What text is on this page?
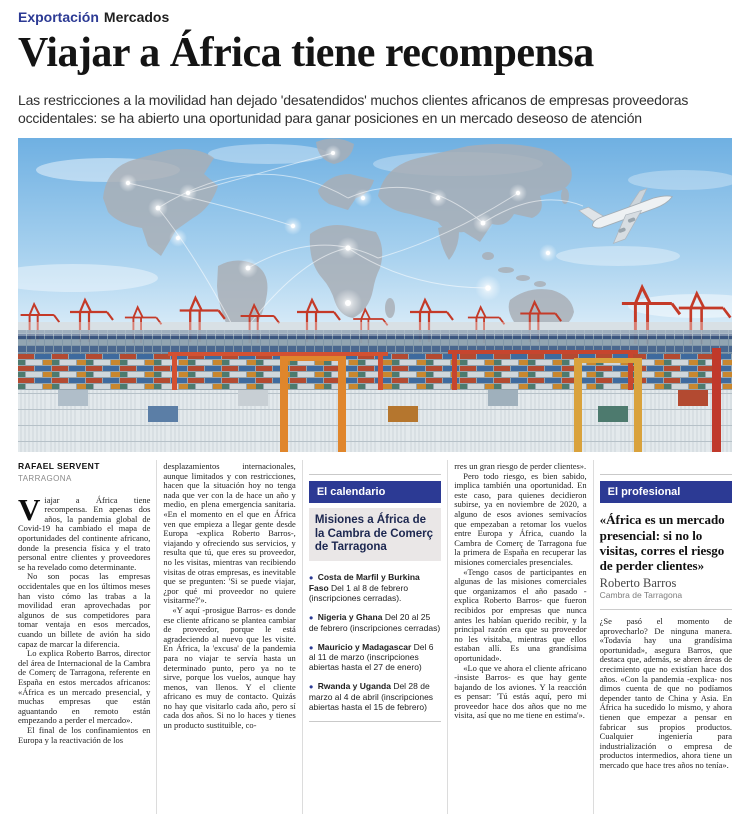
Exportación Mercados
Viajar a África tiene recompensa

Las restricciones a la movilidad han dejado 'desatendidos' muchos clientes africanos de empresas proveedoras occidentales: se ha abierto una oportunidad para ganar posiciones en un mercado deseoso de atención

RAFAEL SERVENT
TARRAGONA

Viajar a África tiene recompensa. En apenas dos años, la pandemia global de Covid-19 ha cambiado el mapa de oportunidades del continente africano, donde la presencia física y el trato personal entre clientes y proveedores se ha revelado como determinante.

No son pocas las empresas occidentales que en los últimos meses han visto cómo las trabas a la movilidad eran aprovechadas por algunos de sus competidores para tomar ventaja en esos mercados, cuando un billete de avión ha sido capaz de marcar la diferencia.

Lo explica Roberto Barros, director del área de Internacional de la Cambra de Comerç de Tarragona, referente en España en estos mercados africanos: «África es un mercado presencial, y muchas empresas que están aguantando en remoto están empezando a perder el mercado».

El final de los confinamientos en Europa y la reactivación de los

desplazamientos internacionales, aunque limitados y con restricciones, hacen que la situación hoy no tenga nada que ver con la de hace un año y medio, en plena emergencia sanitaria. «En el momento en el que en África ven que empieza a llegar gente desde Europa -explica Roberto Barros-, viajando y ofreciendo sus servicios, y resulta que tú, que eres su proveedor, no les visitas, mientras van recibiendo visitas de otras empresas, es inevitable que se pregunten: 'Si se puede viajar, ¿por qué mi proveedor no quiere visitarme?'».

«Y aquí -prosigue Barros- es donde ese cliente africano se plantea cambiar de proveedor, porque le está agradeciendo al nuevo que les visite. En África, la 'excusa' de la pandemia para no viajar te servía hasta un determinado punto, pero ya no te sirve, porque los vuelos, aunque hay menos, van llenos. Y el cliente africano es muy de contacto. Quizás no hay que visitarlo cada año, pero sí cada dos años. Si no lo haces y tienes un producto sustituible, co-

El calendario
Misiones a África de la Cambra de Comerç de Tarragona
● Costa de Marfil y Burkina Faso Del 1 al 8 de febrero (inscripciones cerradas).
● Nigeria y Ghana Del 20 al 25 de febrero (inscripciones cerradas)
● Mauricio y Madagascar Del 6 al 11 de marzo (inscripciones abiertas hasta el 27 de enero)
● Rwanda y Uganda Del 28 de marzo al 4 de abril (inscripciones abiertas hasta el 15 de febrero)

rres un gran riesgo de perder clientes».

Pero todo riesgo, es bien sabido, implica también una oportunidad. En este caso, para quienes decidieron subirse, ya en noviembre de 2020, a alguno de esos aviones semivacíos que empezaban a retomar los vuelos entre Europa y África, cuando la Cambra de Comerç de Tarragona fue la primera de España en recuperar las misiones comerciales presenciales.

«Tengo casos de participantes en algunas de las misiones comerciales que organizamos el año pasado -explica Roberto Barros- que fueron recibidos por empresas que nunca antes les habían querido recibir, y la principal razón era que su proveedor no les visitaba, mientras que ellos estaban allí. Es una grandísima oportunidad».

«Lo que ve ahora el cliente africano -insiste Barros- es que hay gente bajando de los aviones. Y la reacción es pensar: 'Tú estás aquí, pero mi proveedor hace dos años que no me visita, así que no me tiene en estima'».

El profesional
«África es un mercado presencial: si no lo visitas, corres el riesgo de perder clientes»
Roberto Barros
Cambra de Tarragona

¿Se pasó el momento de aprovecharlo? De ninguna manera. «Todavía hay una grandísima oportunidad», asegura Barros, que destaca que, además, se abren áreas de crecimiento que no existían hace dos años. «Con la pandemia -explica- nos dimos cuenta de que no podíamos depender tanto de China y Asia. En África ha sucedido lo mismo, y ahora tienen que empezar a pensar en fabricar sus propios productos. Cualquier ingeniería para industrialización o empresa de productos intermedios, ahora tiene un mercado que hace tres años no tenía».
